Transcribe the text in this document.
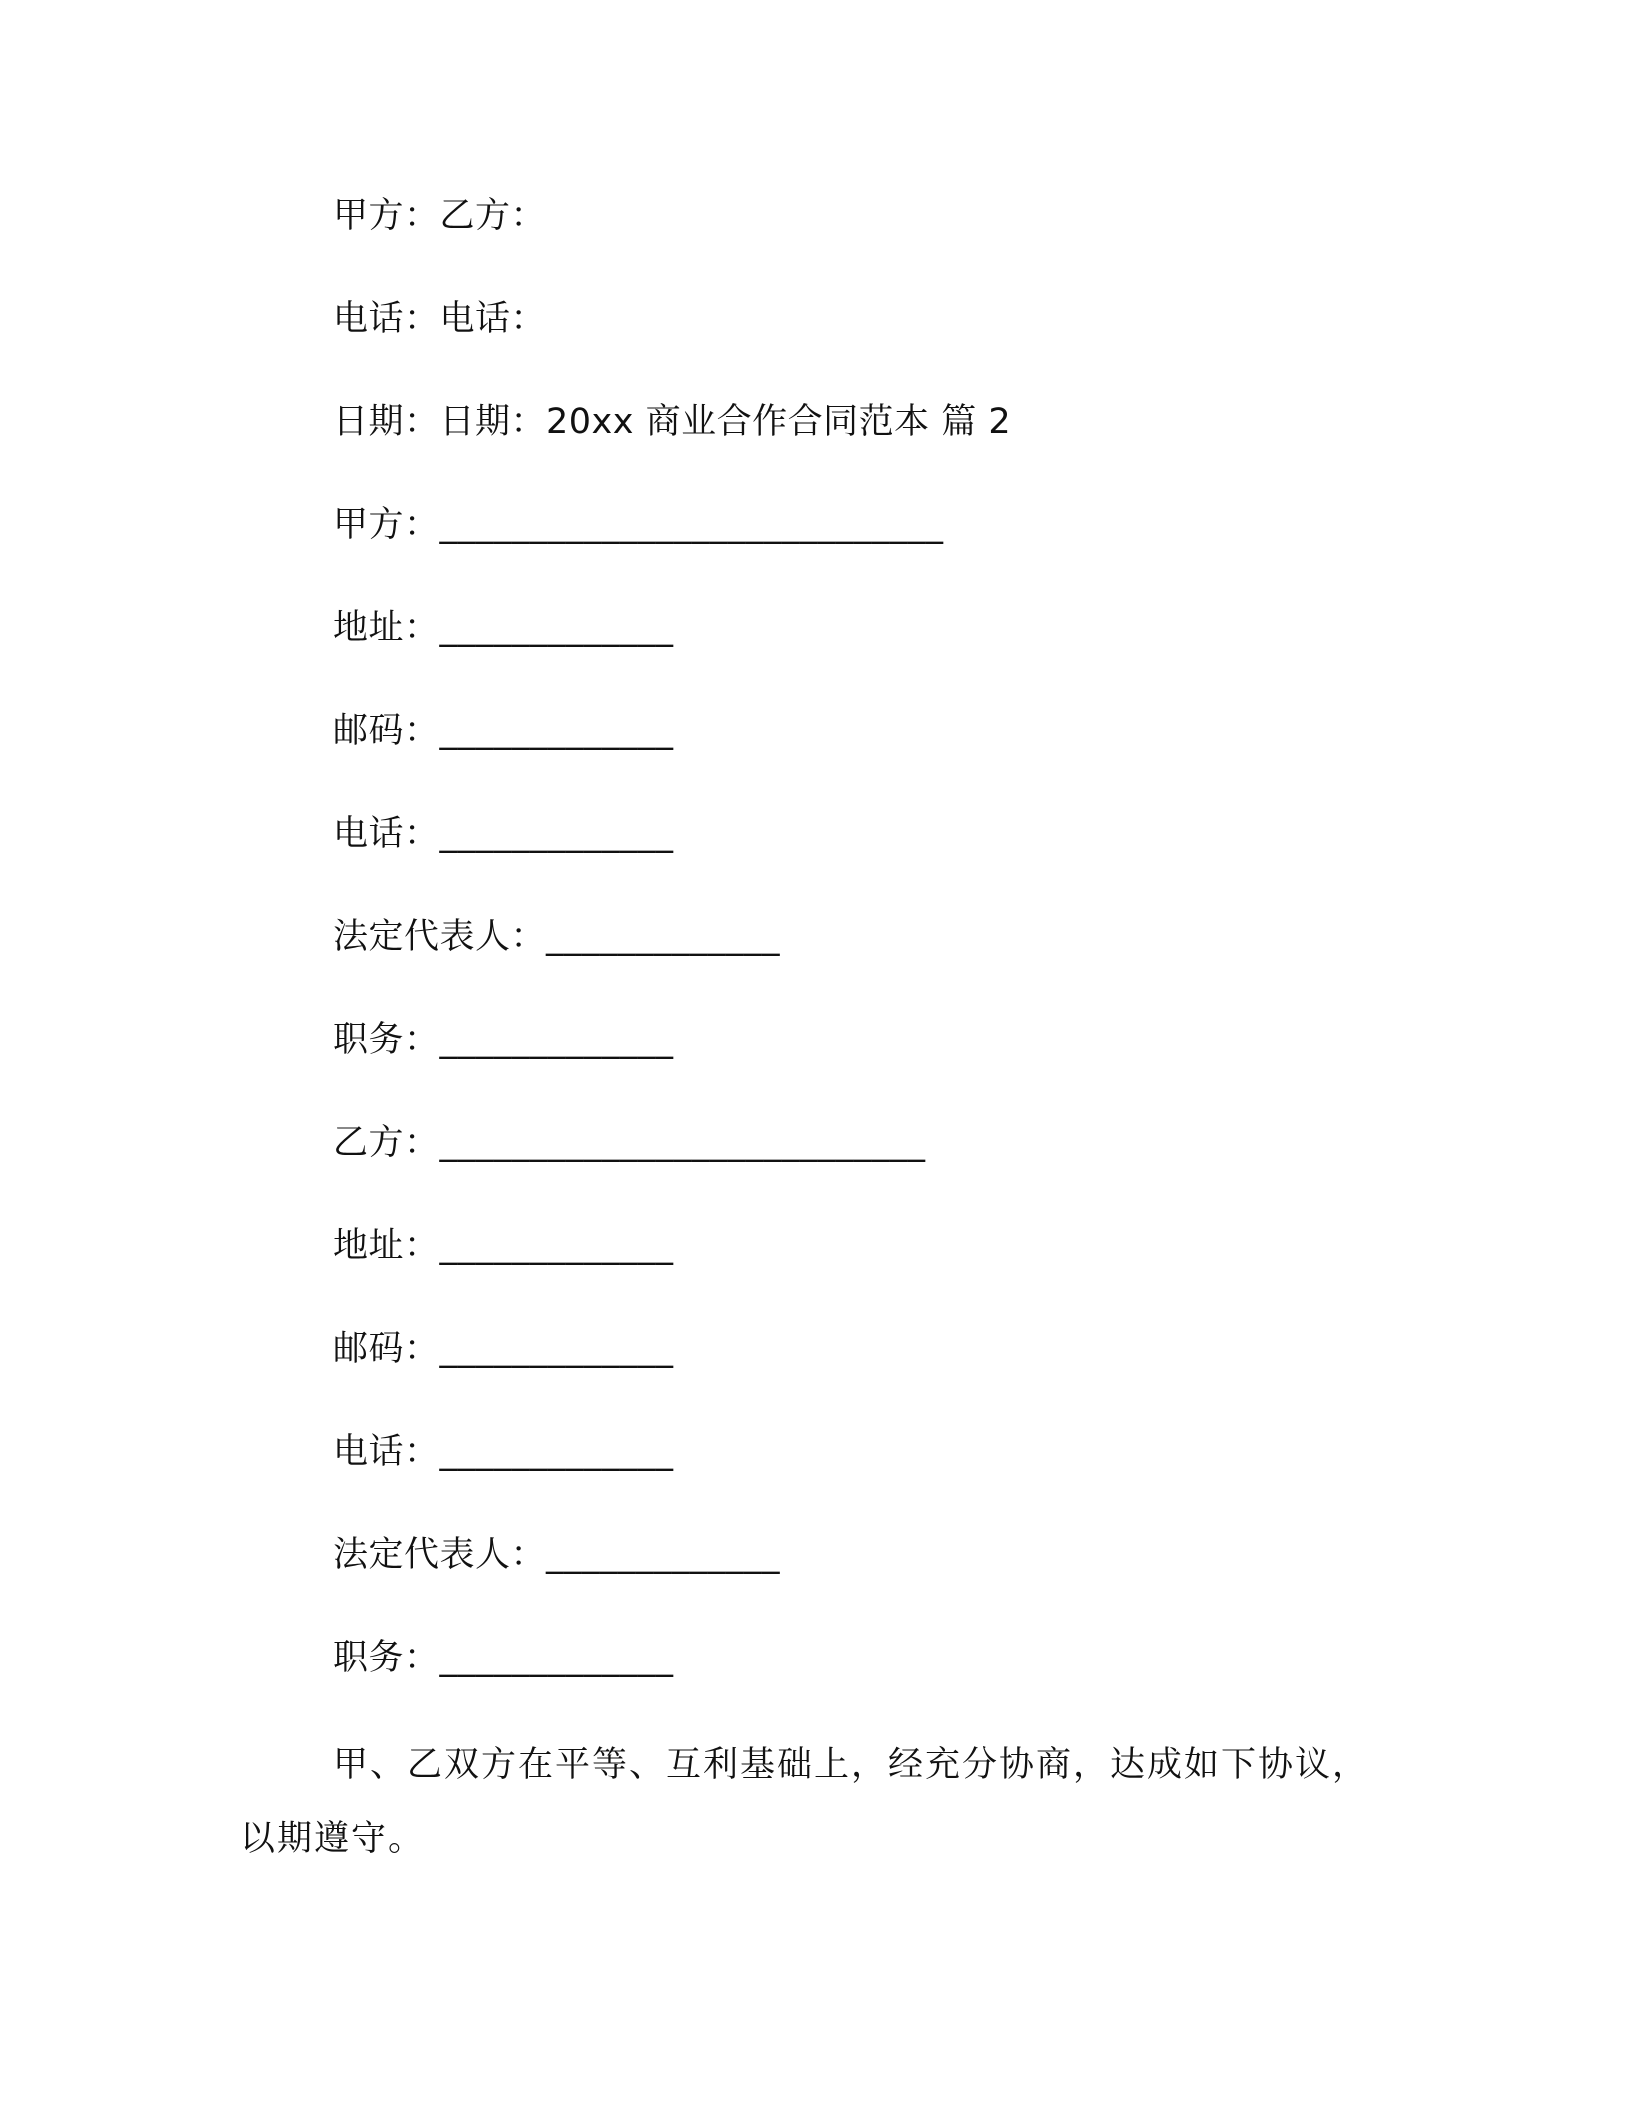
甲方：乙方：
电话：电话：
日期：日期：20xx 商业合作合同范本 篇 2
甲方：____________________________
地址：_____________
邮码：_____________
电话：_____________
法定代表人：_____________
职务：_____________
乙方：___________________________
地址：_____________
邮码：_____________
电话：_____________
法定代表人：_____________
职务：_____________
甲、乙双方在平等、互利基础上，经充分协商，达成如下协议，
以期遵守。
